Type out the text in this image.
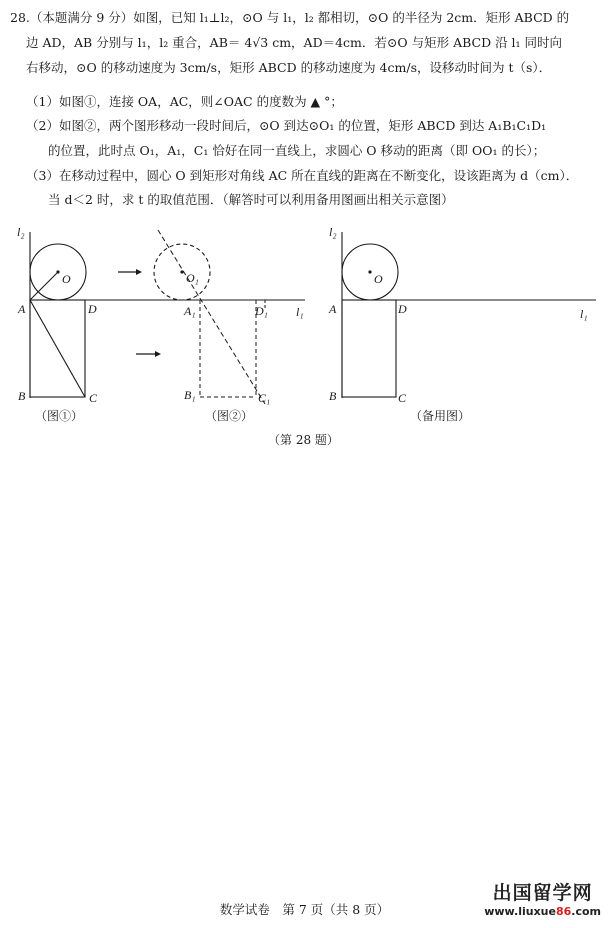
28.（本题满分 9 分）如图，已知 l₁⊥l₂，⊙O 与 l₁，l₂ 都相切，⊙O 的半径为 2cm．矩形 ABCD 的
边 AD，AB 分别与 l₁，l₂ 重合，AB＝ 4√3 cm，AD＝4cm．若⊙O 与矩形 ABCD 沿 l₁ 同时向
右移动，⊙O 的移动速度为 3cm/s，矩形 ABCD 的移动速度为 4cm/s，设移动时间为 t（s）．
（1）如图①，连接 OA，AC，则∠OAC 的度数为 ▲ °；
（2）如图②，两个图形移动一段时间后，⊙O 到达⊙O₁ 的位置，矩形 ABCD 到达 A₁B₁C₁D₁
的位置，此时点 O₁，A₁，C₁ 恰好在同一直线上，求圆心 O 移动的距离（即 OO₁ 的长）；
（3）在移动过程中，圆心 O 到矩形对角线 AC 所在直线的距离在不断变化，设该距离为 d（cm）．
当 d＜2 时，求 t 的取值范围．（解答时可以利用备用图画出相关示意图）
l₂
O
A	D
B	C
O₁
A₁	D₁ l₁
B₁	C₁
l₂
O
A	D	l₁
B	C
（图①）	（图②）	（备用图）
（第 28 题）
数学试卷　第 7 页（共 8 页）
出国留学网
www.liuxue86.com
